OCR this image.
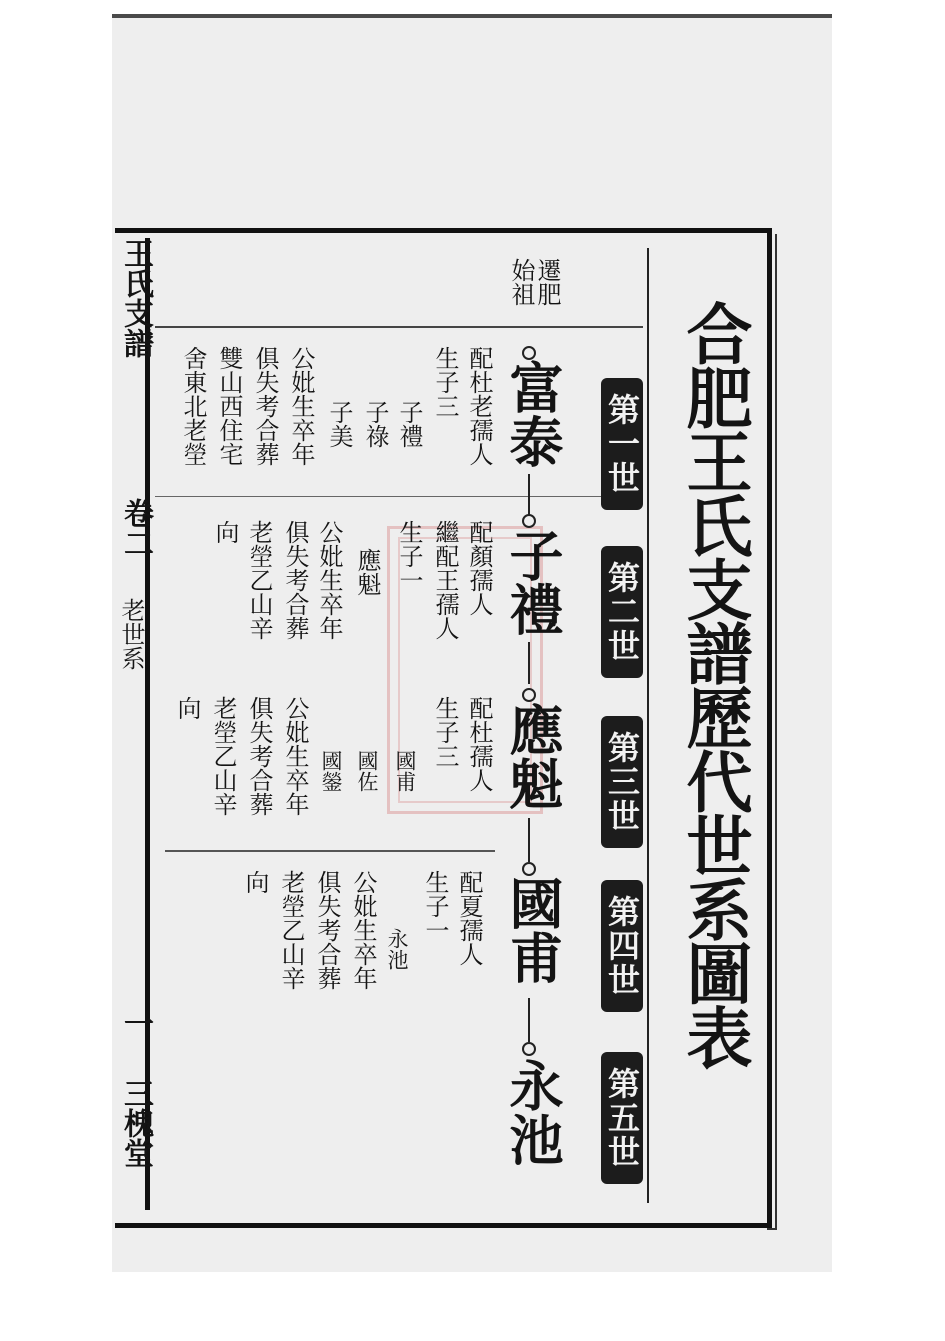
王氏支譜
卷二
老世系
一
三槐堂
合肥王氏支譜歷代世系圖表
第一世
第二世
第三世
第四世
第五世
遷肥
始祖
富泰
子禮
應魁
國甫
永池
配杜老孺人
生子三
子禮
子祿
子美
公妣生卒年
俱失考合葬
雙山西住宅
舍東北老塋
配顏孺人
繼配王孺人
生子一
應魁
公妣生卒年
俱失考合葬
老塋乙山辛
向
配杜孺人
生子三
國甫
國佐
國鎣
公妣生卒年
俱失考合葬
老塋乙山辛
向
配夏孺人
生子一
永池
公妣生卒年
俱失考合葬
老塋乙山辛
向
